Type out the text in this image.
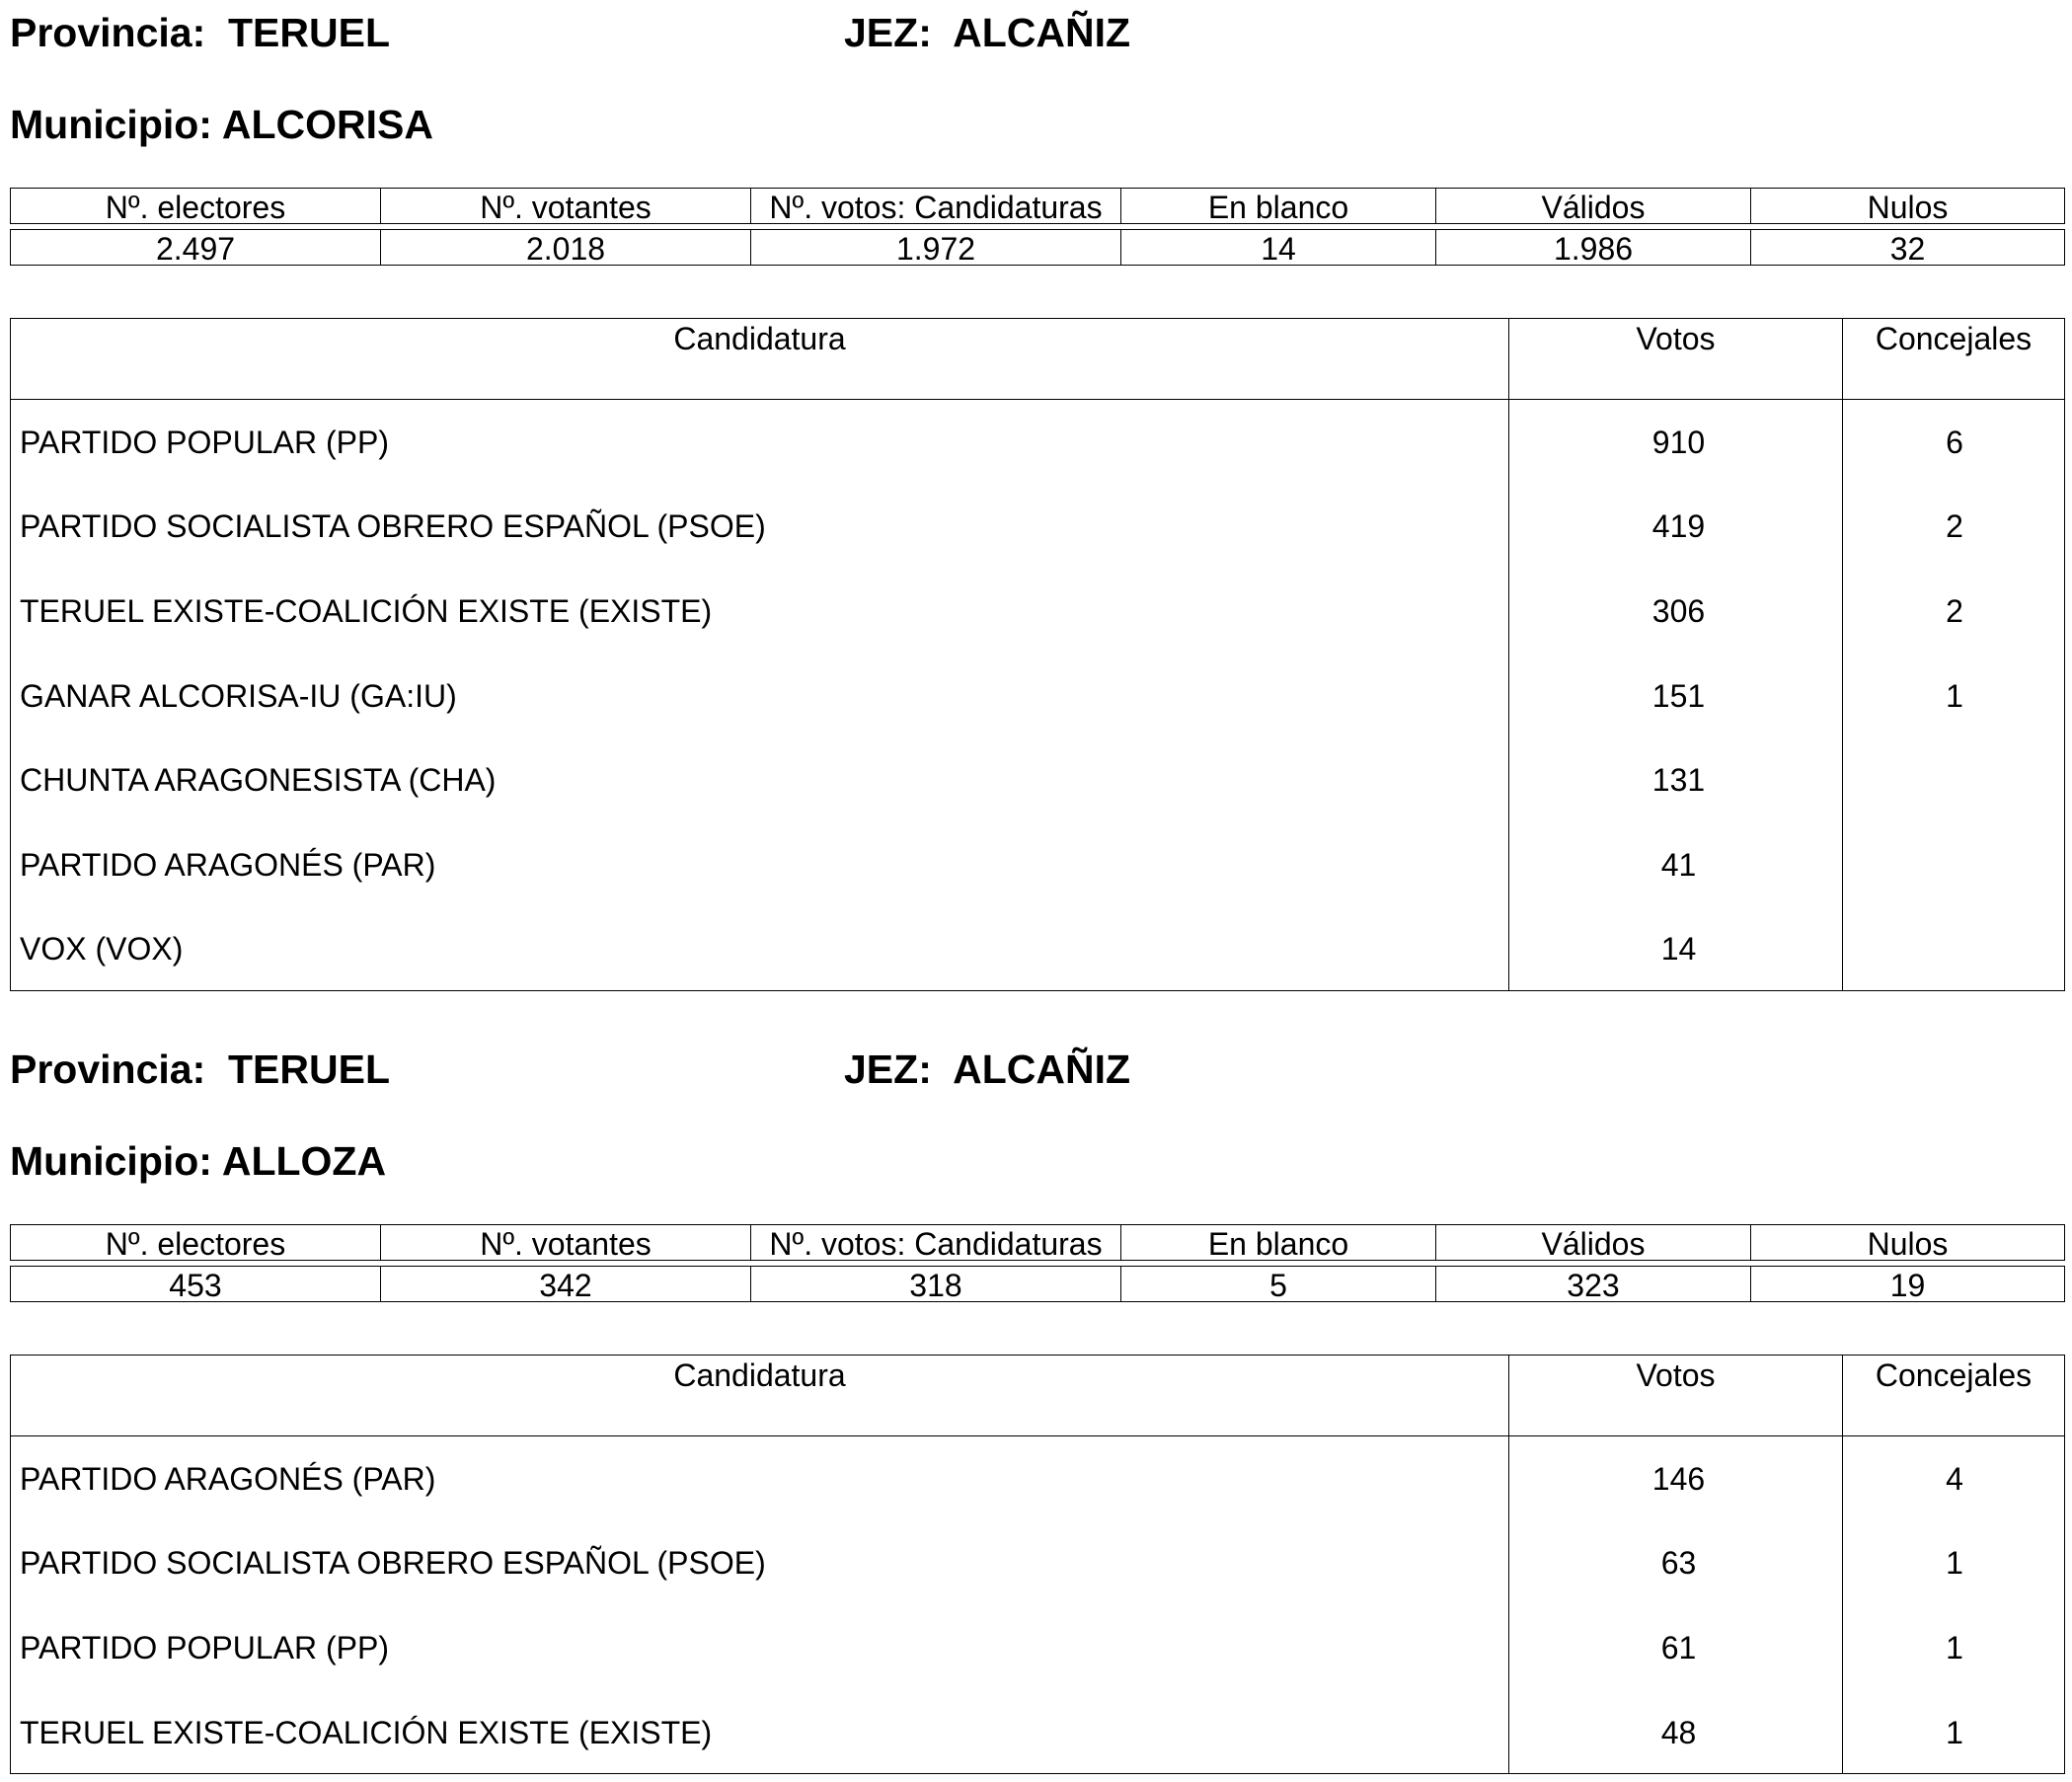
Provincia:  TERUEL	JEZ:  ALCAÑIZ
Municipio: ALCORISA
Nº. electores	Nº. votantes	Nº. votos: Candidaturas	En blanco	Válidos	Nulos
2.497	2.018	1.972	14	1.986	32
Candidatura	Votos	Concejales
PARTIDO POPULAR (PP)	910	6
PARTIDO SOCIALISTA OBRERO ESPAÑOL (PSOE)	419	2
TERUEL EXISTE-COALICIÓN EXISTE (EXISTE)	306	2
GANAR ALCORISA-IU (GA:IU)	151	1
CHUNTA ARAGONESISTA (CHA)	131
PARTIDO ARAGONÉS (PAR)	41
VOX (VOX)	14
Provincia:  TERUEL	JEZ:  ALCAÑIZ
Municipio: ALLOZA
Nº. electores	Nº. votantes	Nº. votos: Candidaturas	En blanco	Válidos	Nulos
453	342	318	5	323	19
Candidatura	Votos	Concejales
PARTIDO ARAGONÉS (PAR)	146	4
PARTIDO SOCIALISTA OBRERO ESPAÑOL (PSOE)	63	1
PARTIDO POPULAR (PP)	61	1
TERUEL EXISTE-COALICIÓN EXISTE (EXISTE)	48	1
